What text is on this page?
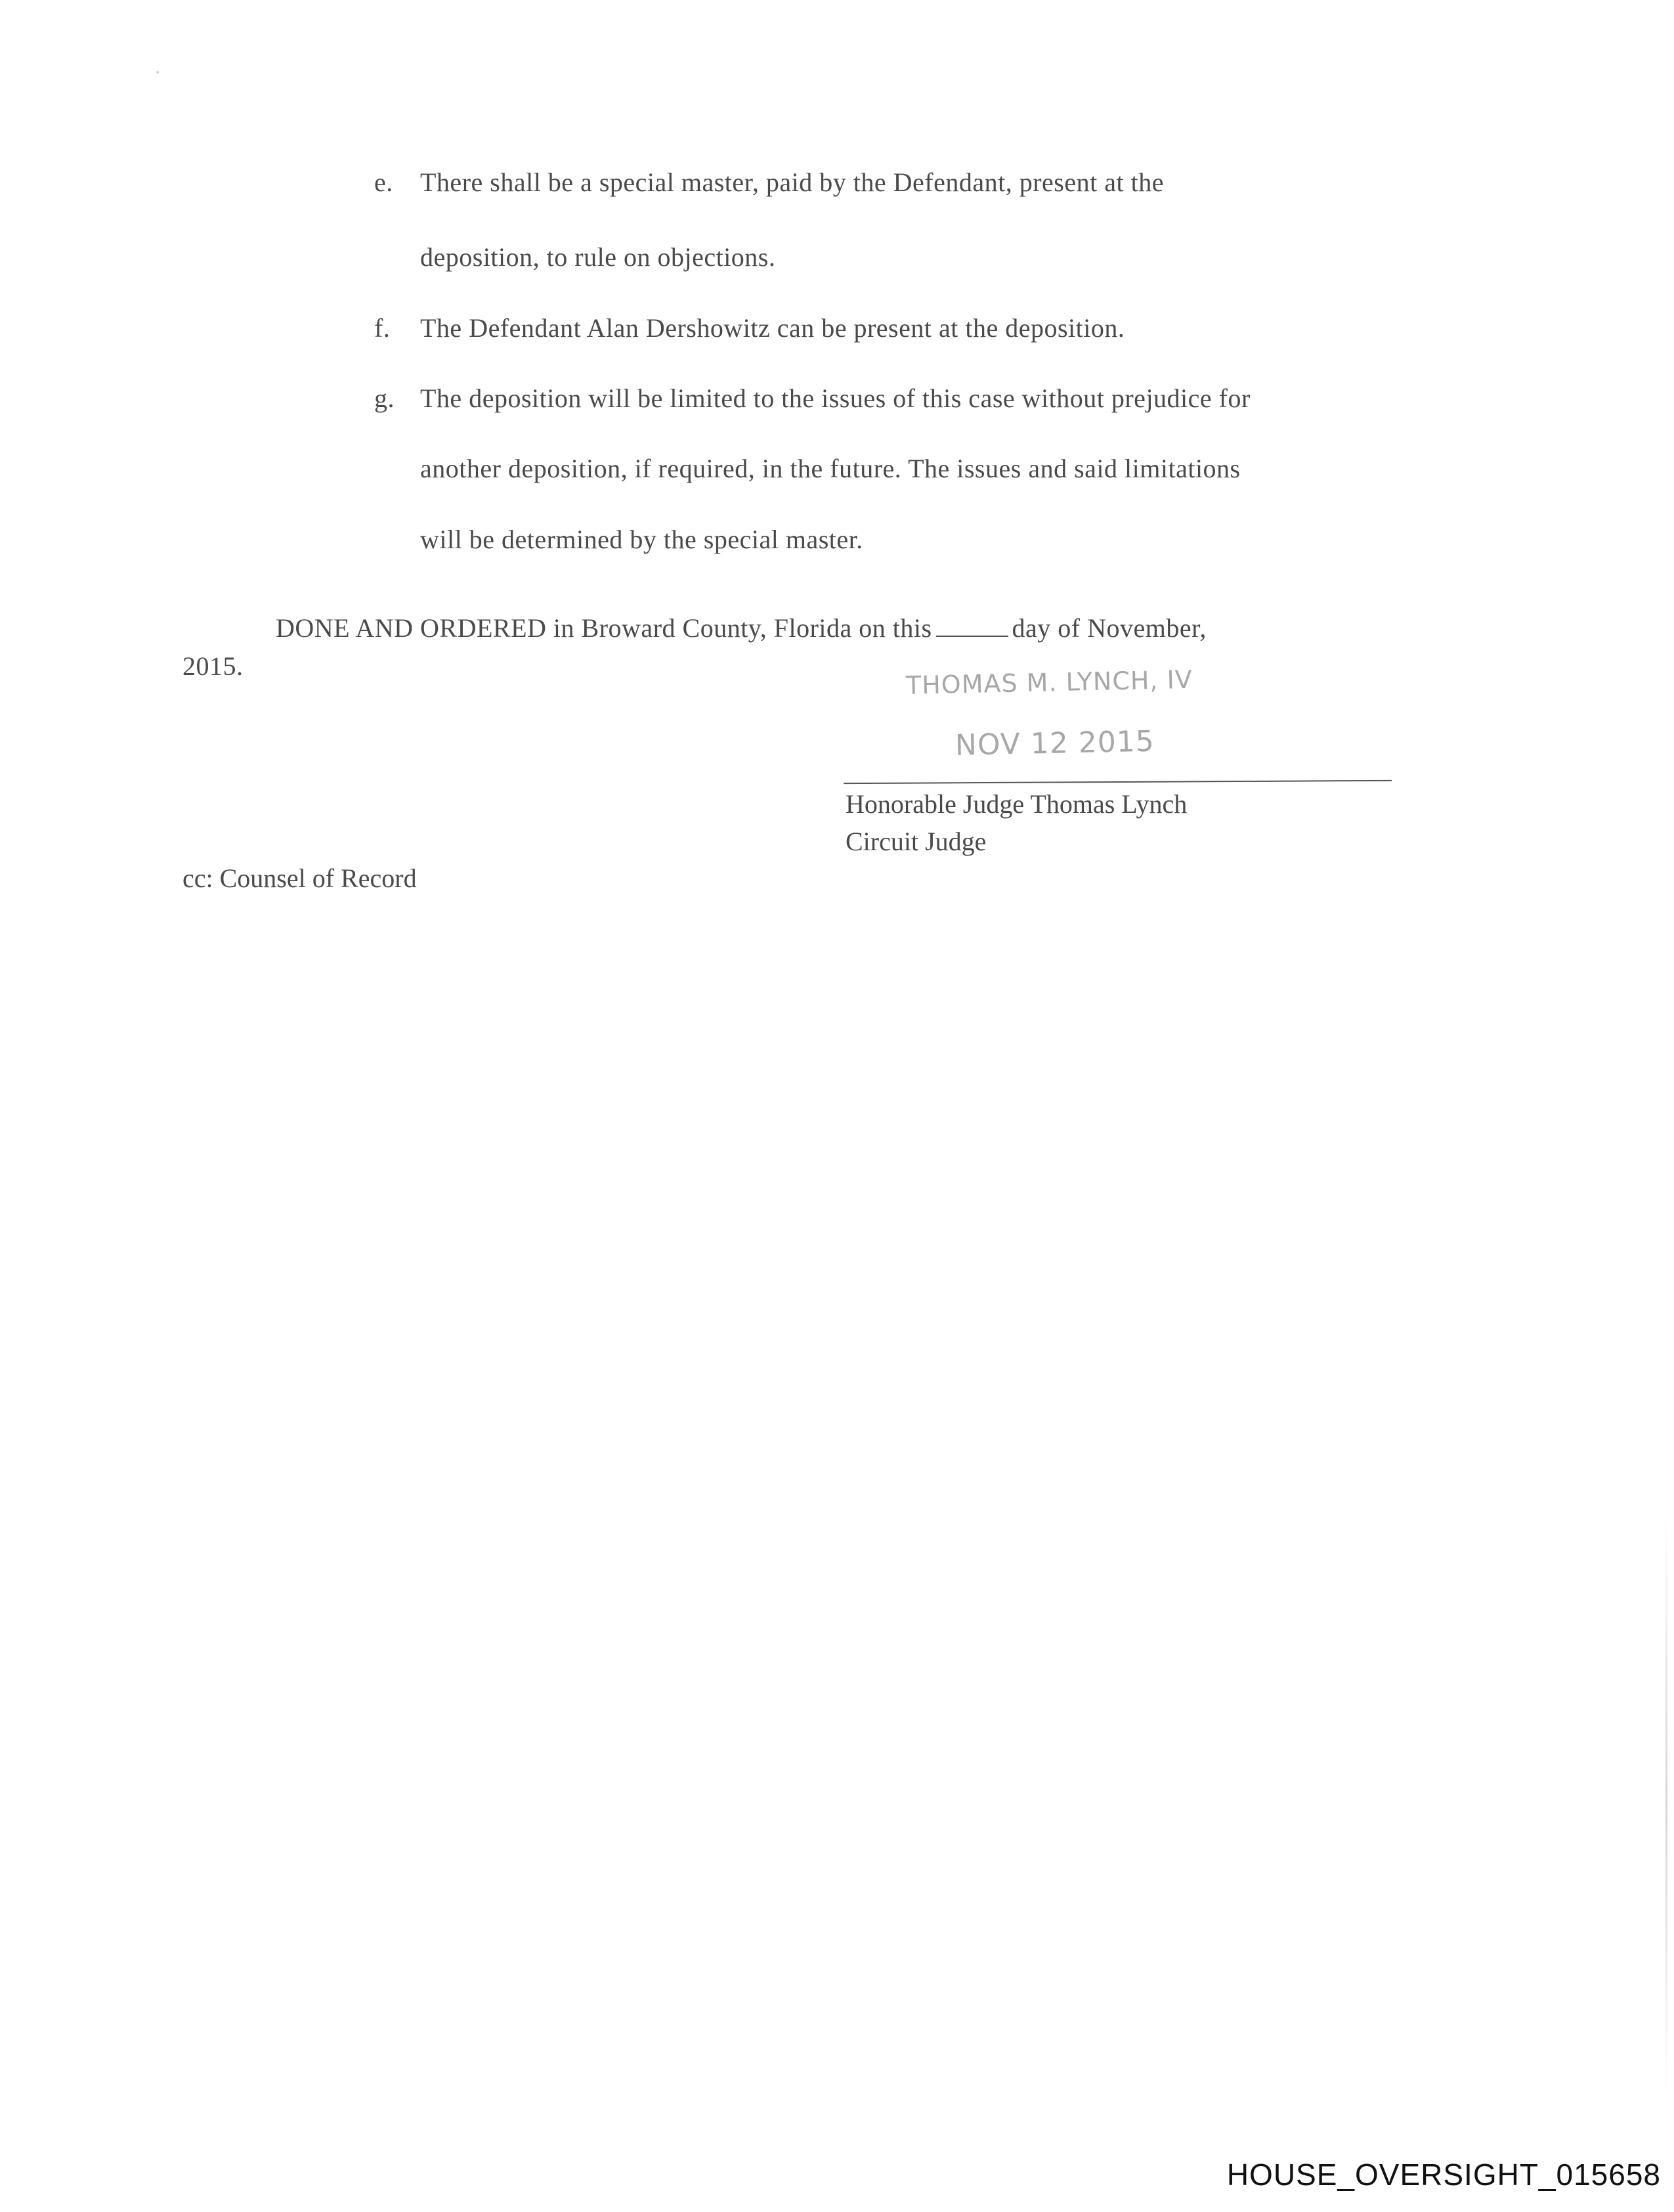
e. There shall be a special master, paid by the Defendant, present at the
deposition, to rule on objections.
f. The Defendant Alan Dershowitz can be present at the deposition.
g. The deposition will be limited to the issues of this case without prejudice for
another deposition, if required, in the future. The issues and said limitations
will be determined by the special master.
DONE AND ORDERED in Broward County, Florida on this	day of November,
2015.	THOMAS M. LYNCH, IV
NOV 12 2015
Honorable Judge Thomas Lynch
Circuit Judge
cc: Counsel of Record
HOUSE_OVERSIGHT_015658
